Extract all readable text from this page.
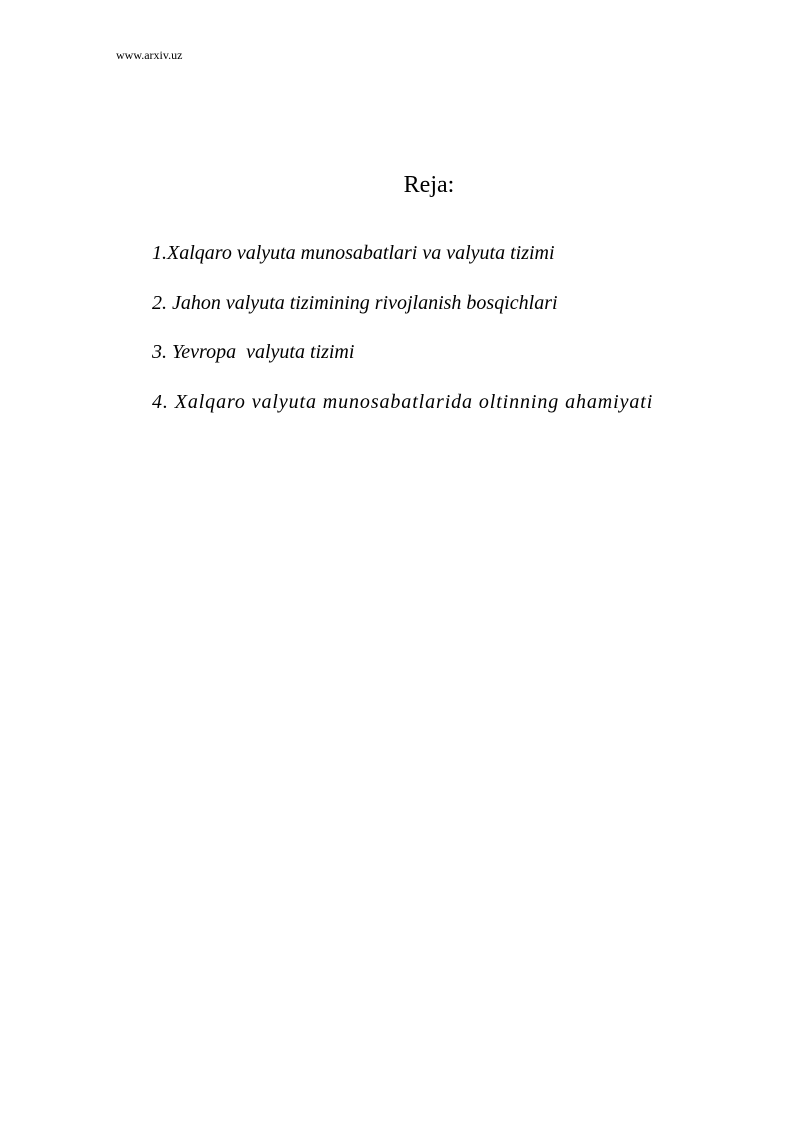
www.arxiv.uz
Reja:
1.Xalqaro valyuta munosabatlari va valyuta tizimi
2. Jahon valyuta tizimining rivojlanish bosqichlari
3. Yevropa  valyuta tizimi
4. Xalqaro valyuta munosabatlarida oltinning ahamiyati
